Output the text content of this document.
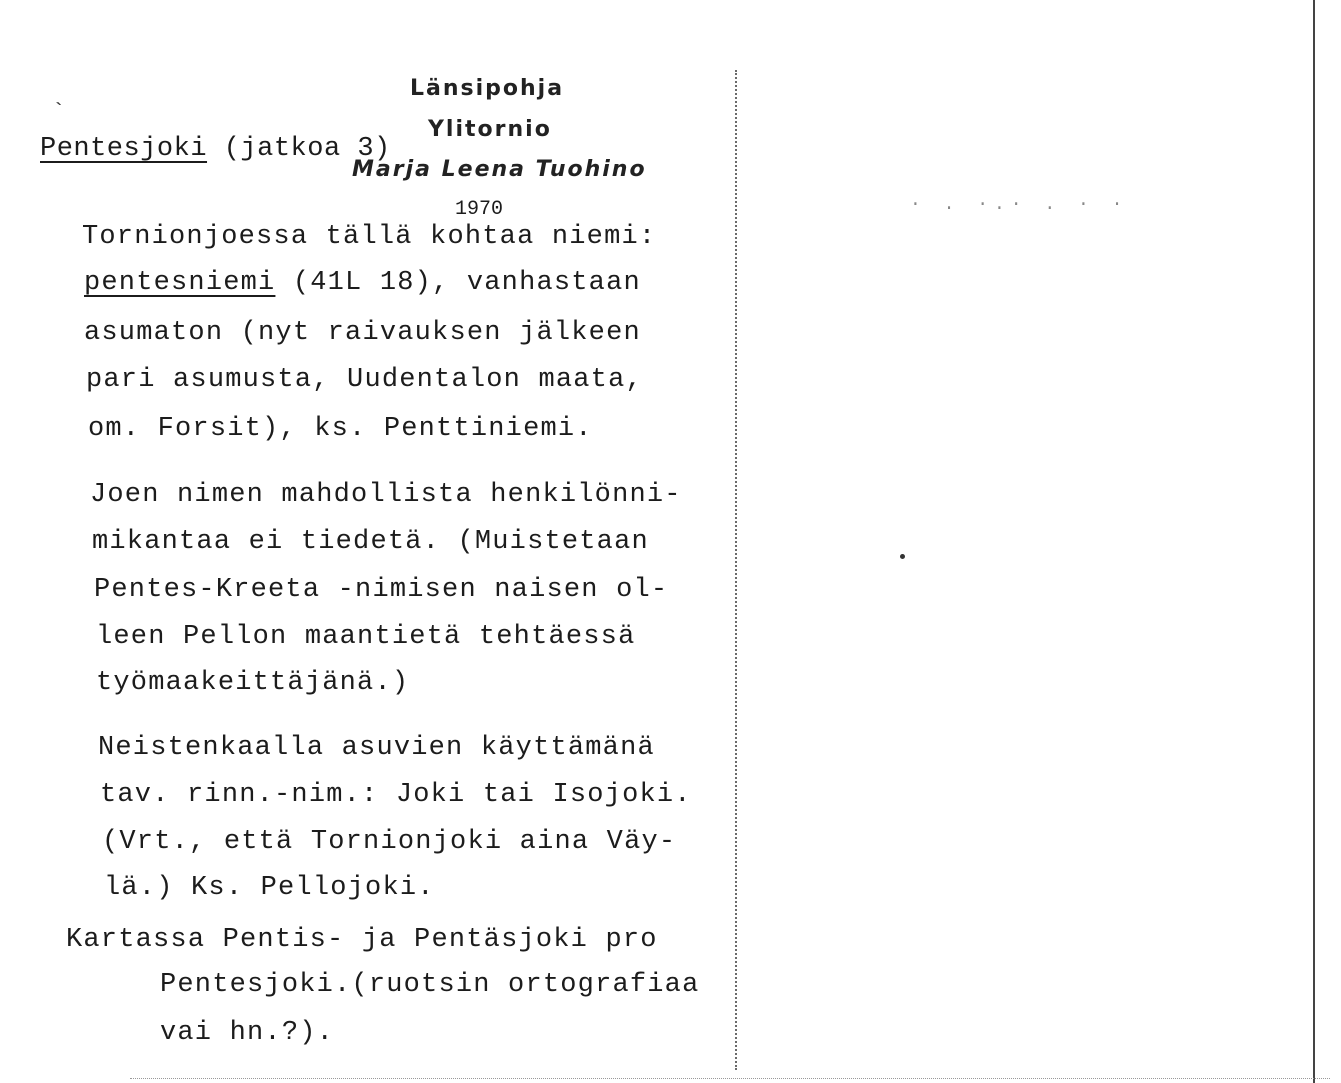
Länsipohja
Ylitornio
Marja Leena Tuohino
Pentesjoki (jatkoa 3)
1970
Tornionjoessa tällä kohtaa niemi:
pentesniemi (41L 18), vanhastaan
asumaton (nyt raivauksen jälkeen
pari asumusta, Uudentalon maata,
om. Forsit), ks. Penttiniemi.
Joen nimen mahdollista henkilönni-
mikantaa ei tiedetä. (Muistetaan
Pentes-Kreeta -nimisen naisen ol-
leen Pellon maantietä tehtäessä
työmaakeittäjänä.)
Neistenkaalla asuvien käyttämänä
tav. rinn.-nim.: Joki tai Isojoki.
(Vrt., että Tornionjoki aina Väy-
lä.) Ks. Pellojoki.
Kartassa Pentis- ja Pentäsjoki pro
Pentesjoki.(ruotsin ortografiaa
vai hn.?).
· . ·.· . · ·
`
